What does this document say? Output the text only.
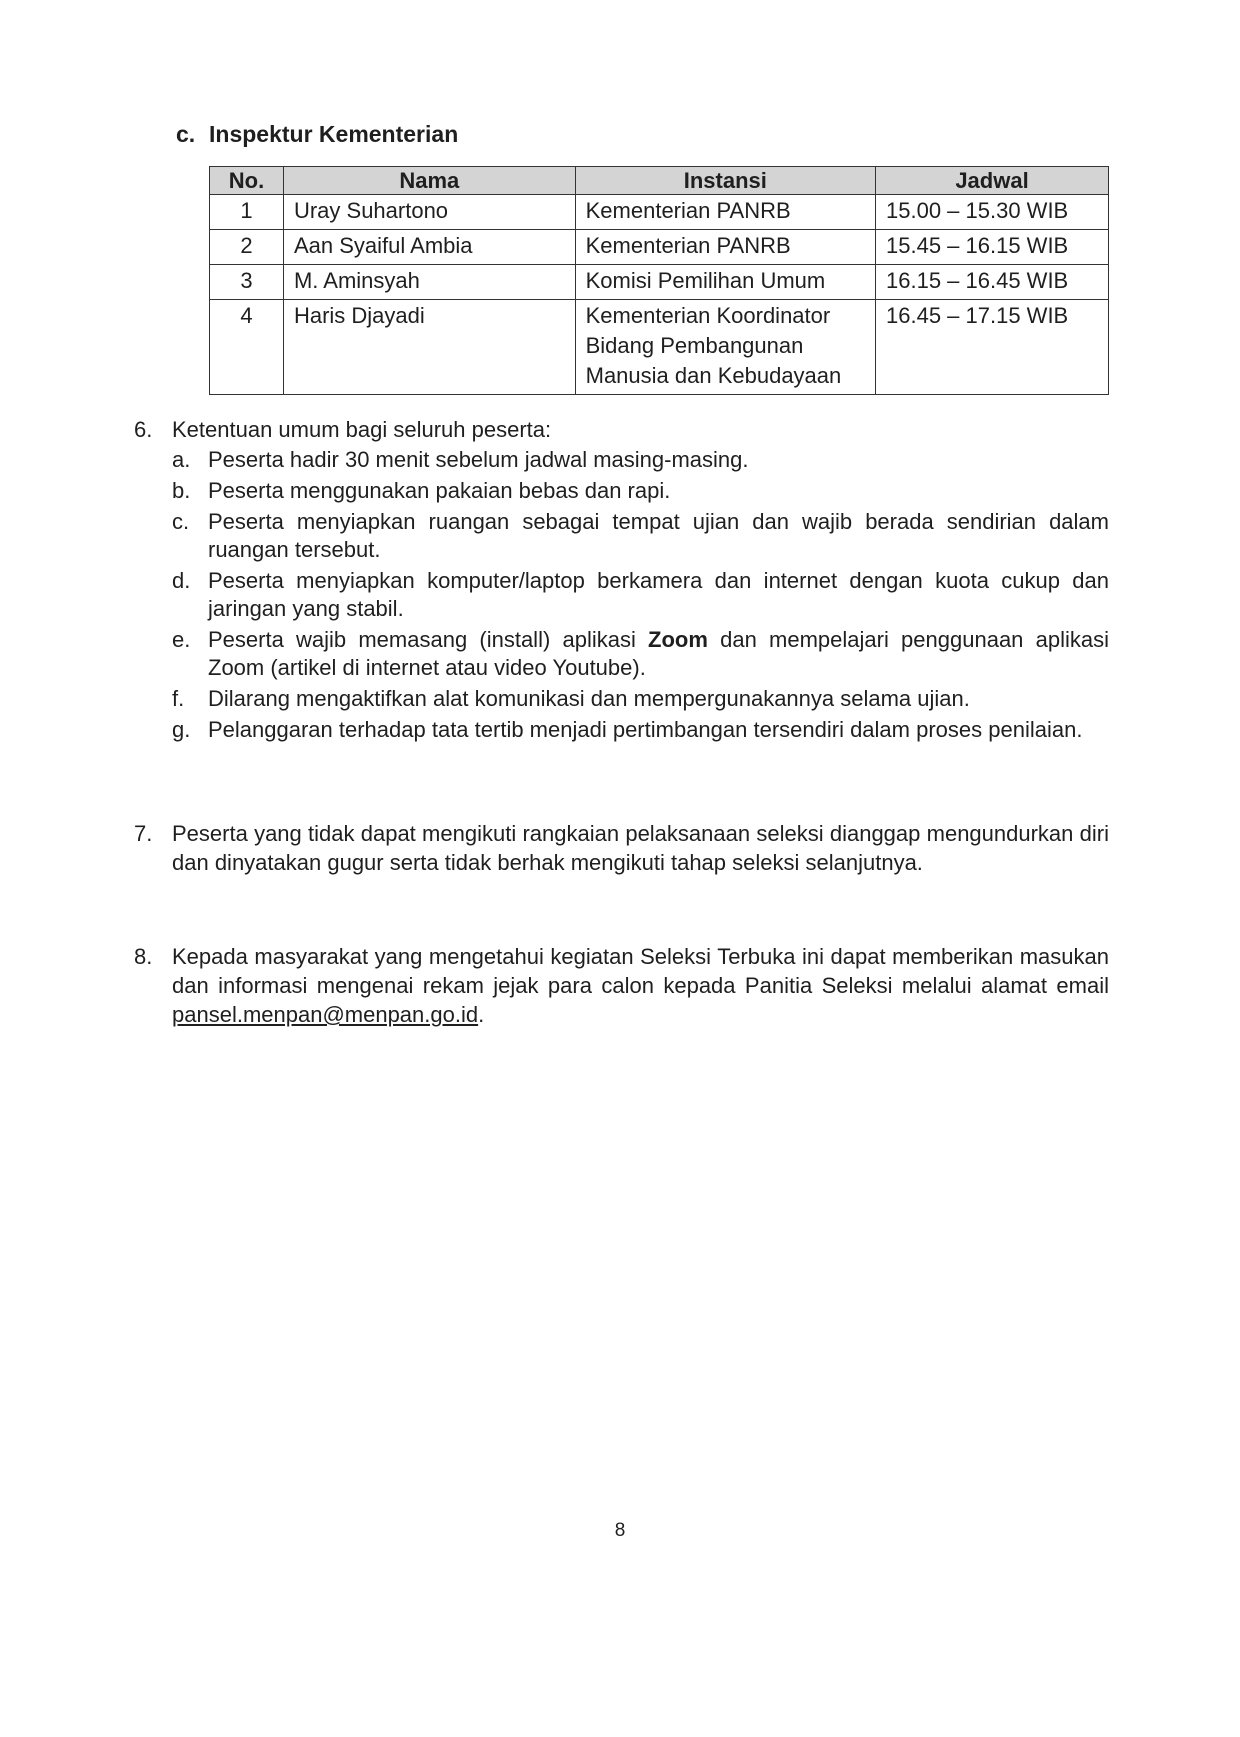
c. Inspektur Kementerian
No.	Nama	Instansi	Jadwal
1	Uray Suhartono	Kementerian PANRB	15.00 – 15.30 WIB
2	Aan Syaiful Ambia	Kementerian PANRB	15.45 – 16.15 WIB
3	M. Aminsyah	Komisi Pemilihan Umum	16.15 – 16.45 WIB
4	Haris Djayadi	Kementerian Koordinator
Bidang Pembangunan
Manusia dan Kebudayaan	16.45 – 17.15 WIB
6. Ketentuan umum bagi seluruh peserta:
a. Peserta hadir 30 menit sebelum jadwal masing-masing.
b. Peserta menggunakan pakaian bebas dan rapi.
c. Peserta menyiapkan ruangan sebagai tempat ujian dan wajib berada sendirian dalam ruangan tersebut.
d. Peserta menyiapkan komputer/laptop berkamera dan internet dengan kuota cukup dan jaringan yang stabil.
e. Peserta wajib memasang (install) aplikasi Zoom dan mempelajari penggunaan aplikasi Zoom (artikel di internet atau video Youtube).
f. Dilarang mengaktifkan alat komunikasi dan mempergunakannya selama ujian.
g. Pelanggaran terhadap tata tertib menjadi pertimbangan tersendiri dalam proses penilaian.
7. Peserta yang tidak dapat mengikuti rangkaian pelaksanaan seleksi dianggap mengundurkan diri dan dinyatakan gugur serta tidak berhak mengikuti tahap seleksi selanjutnya.
8. Kepada masyarakat yang mengetahui kegiatan Seleksi Terbuka ini dapat memberikan masukan dan informasi mengenai rekam jejak para calon kepada Panitia Seleksi melalui alamat email pansel.menpan@menpan.go.id.
8
